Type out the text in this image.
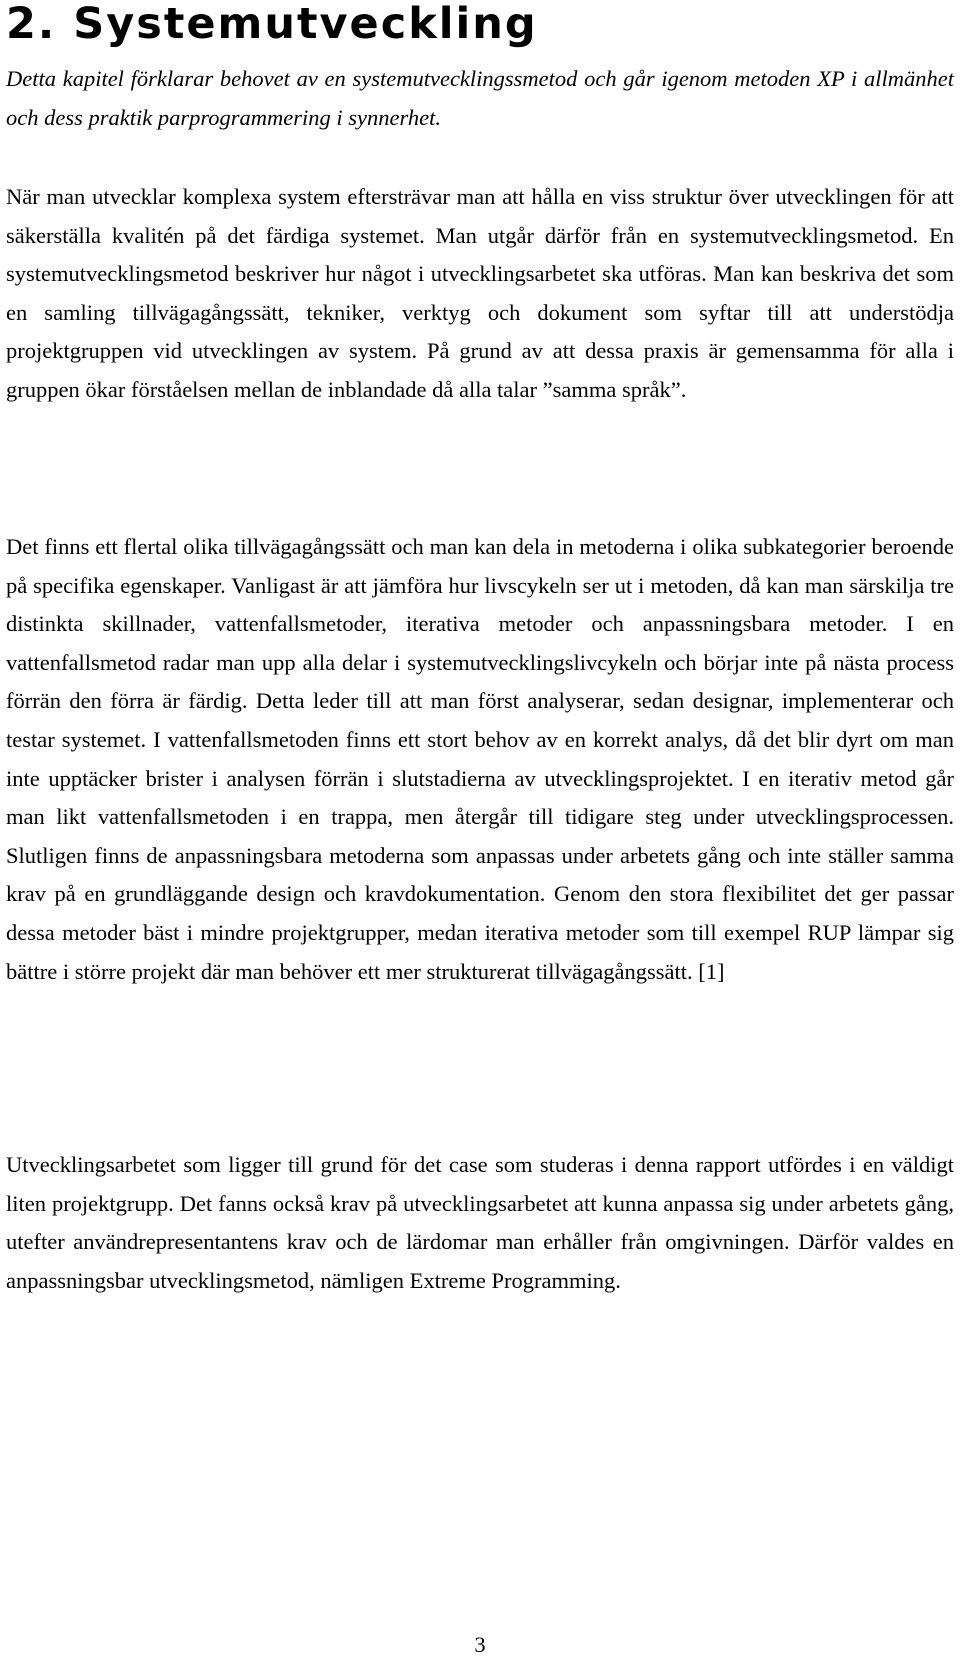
2. Systemutveckling

Detta kapitel förklarar behovet av en systemutvecklingssmetod och går igenom metoden XP i allmänhet och dess praktik parprogrammering i synnerhet.

När man utvecklar komplexa system eftersträvar man att hålla en viss struktur över utvecklingen för att säkerställa kvalitén på det färdiga systemet. Man utgår därför från en systemutvecklingsmetod. En systemutvecklingsmetod beskriver hur något i utvecklingsarbetet ska utföras. Man kan beskriva det som en samling tillvägagångssätt, tekniker, verktyg och dokument som syftar till att understödja projektgruppen vid utvecklingen av system. På grund av att dessa praxis är gemensamma för alla i gruppen ökar förståelsen mellan de inblandade då alla talar ”samma språk”.

Det finns ett flertal olika tillvägagångssätt och man kan dela in metoderna i olika subkategorier beroende på specifika egenskaper. Vanligast är att jämföra hur livscykeln ser ut i metoden, då kan man särskilja tre distinkta skillnader, vattenfallsmetoder, iterativa metoder och anpassningsbara metoder. I en vattenfallsmetod radar man upp alla delar i systemutvecklingslivcykeln och börjar inte på nästa process förrän den förra är färdig. Detta leder till att man först analyserar, sedan designar, implementerar och testar systemet. I vattenfallsmetoden finns ett stort behov av en korrekt analys, då det blir dyrt om man inte upptäcker brister i analysen förrän i slutstadierna av utvecklingsprojektet. I en iterativ metod går man likt vattenfallsmetoden i en trappa, men återgår till tidigare steg under utvecklingsprocessen. Slutligen finns de anpassningsbara metoderna som anpassas under arbetets gång och inte ställer samma krav på en grundläggande design och kravdokumentation. Genom den stora flexibilitet det ger passar dessa metoder bäst i mindre projektgrupper, medan iterativa metoder som till exempel RUP lämpar sig bättre i större projekt där man behöver ett mer strukturerat tillvägagångssätt. [1]

Utvecklingsarbetet som ligger till grund för det case som studeras i denna rapport utfördes i en väldigt liten projektgrupp. Det fanns också krav på utvecklingsarbetet att kunna anpassa sig under arbetets gång, utefter användrepresentantens krav och de lärdomar man erhåller från omgivningen. Därför valdes en anpassningsbar utvecklingsmetod, nämligen Extreme Programming.

3
